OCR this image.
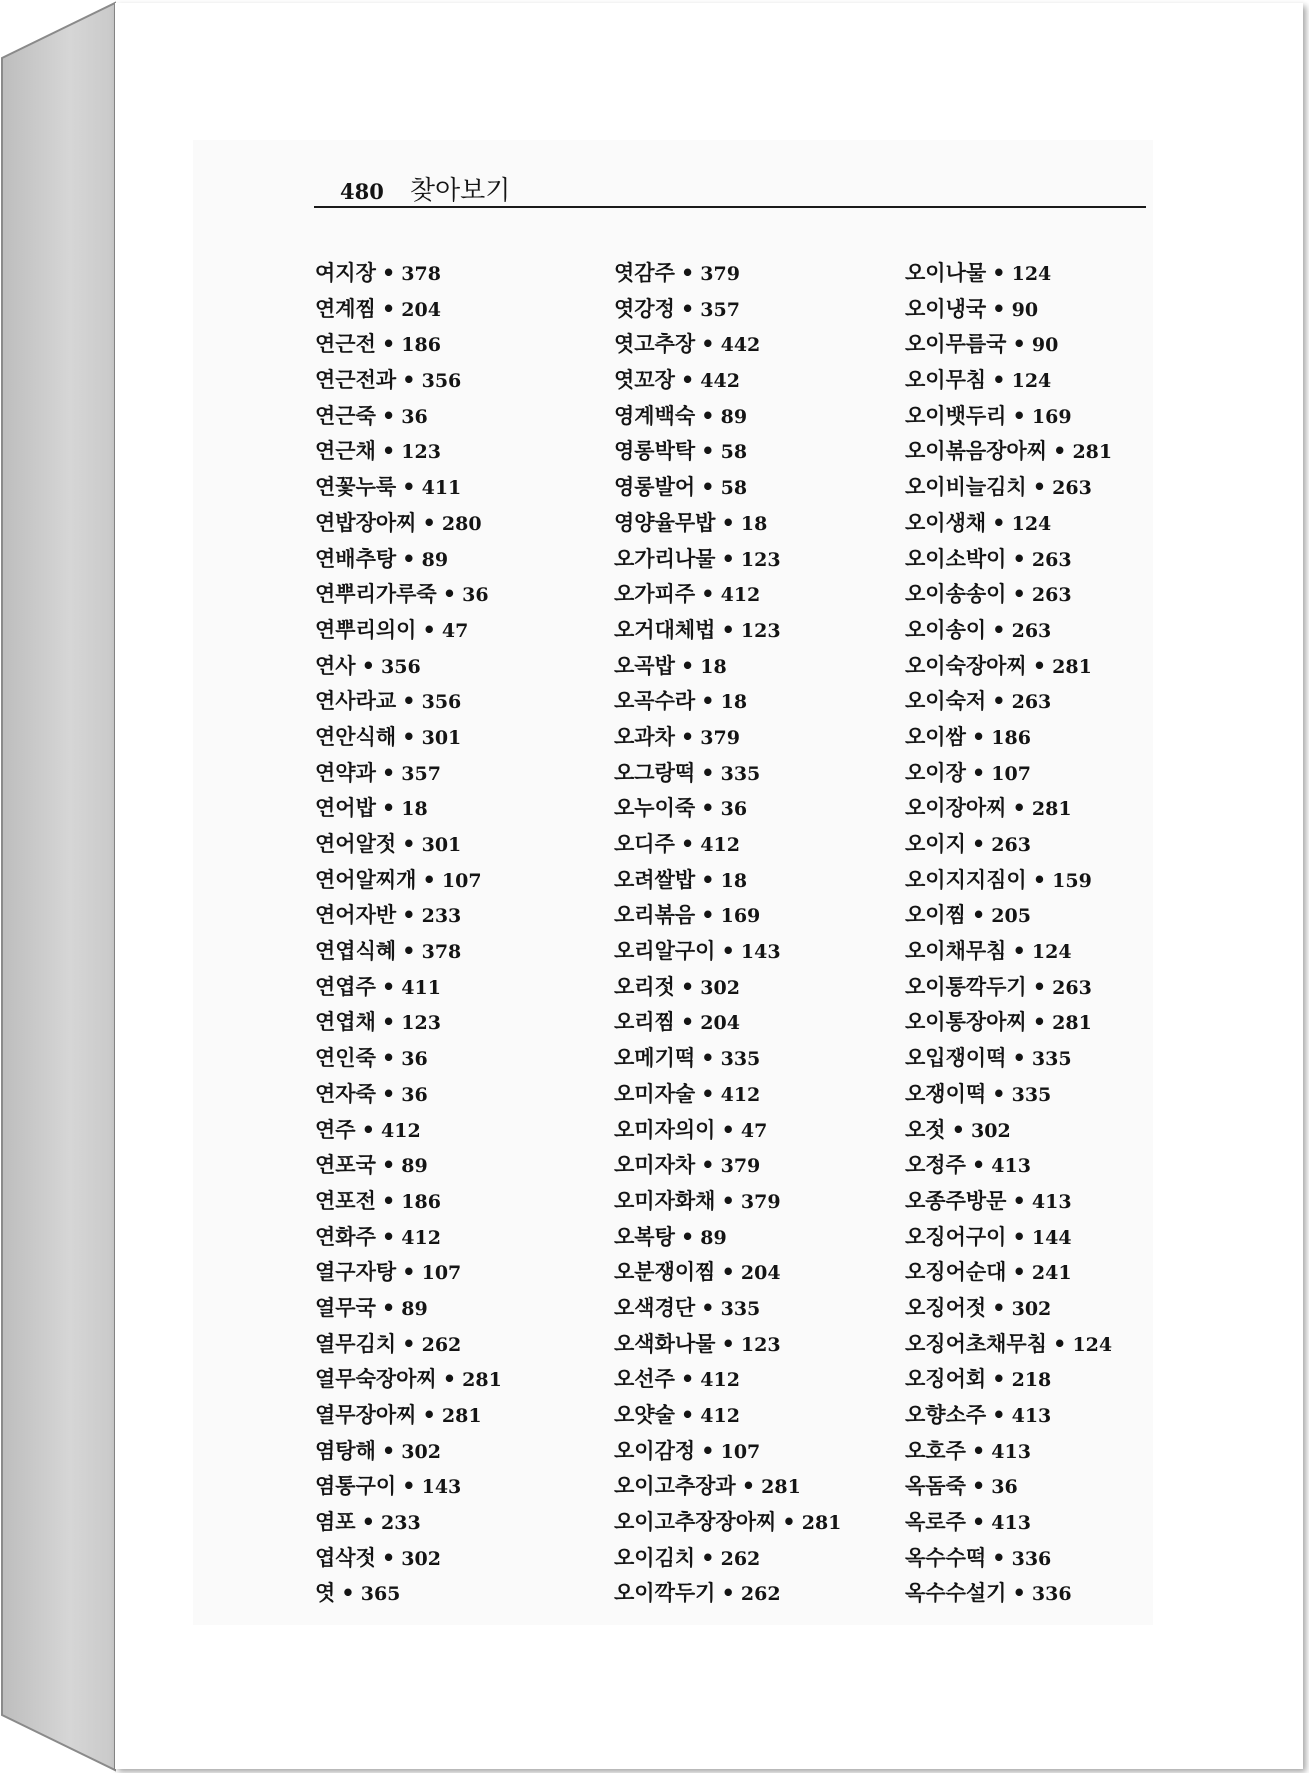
480 찾아보기
여지장 • 378
연계찜 • 204
연근전 • 186
연근전과 • 356
연근죽 • 36
연근채 • 123
연꽃누룩 • 411
연밥장아찌 • 280
연배추탕 • 89
연뿌리가루죽 • 36
연뿌리의이 • 47
연사 • 356
연사라교 • 356
연안식해 • 301
연약과 • 357
연어밥 • 18
연어알젓 • 301
연어알찌개 • 107
연어자반 • 233
연엽식혜 • 378
연엽주 • 411
연엽채 • 123
연인죽 • 36
연자죽 • 36
연주 • 412
연포국 • 89
연포전 • 186
연화주 • 412
열구자탕 • 107
열무국 • 89
열무김치 • 262
열무숙장아찌 • 281
열무장아찌 • 281
염탕해 • 302
염통구이 • 143
염포 • 233
엽삭젓 • 302
엿 • 365
엿감주 • 379
엿강정 • 357
엿고추장 • 442
엿꼬장 • 442
영계백숙 • 89
영롱박탁 • 58
영롱발어 • 58
영양율무밥 • 18
오가리나물 • 123
오가피주 • 412
오거대체법 • 123
오곡밥 • 18
오곡수라 • 18
오과차 • 379
오그랑떡 • 335
오누이죽 • 36
오디주 • 412
오려쌀밥 • 18
오리볶음 • 169
오리알구이 • 143
오리젓 • 302
오리찜 • 204
오메기떡 • 335
오미자술 • 412
오미자의이 • 47
오미자차 • 379
오미자화채 • 379
오복탕 • 89
오분쟁이찜 • 204
오색경단 • 335
오색화나물 • 123
오선주 • 412
오얏술 • 412
오이감정 • 107
오이고추장과 • 281
오이고추장장아찌 • 281
오이김치 • 262
오이깍두기 • 262
오이나물 • 124
오이냉국 • 90
오이무름국 • 90
오이무침 • 124
오이뱃두리 • 169
오이볶음장아찌 • 281
오이비늘김치 • 263
오이생채 • 124
오이소박이 • 263
오이송송이 • 263
오이송이 • 263
오이숙장아찌 • 281
오이숙저 • 263
오이쌈 • 186
오이장 • 107
오이장아찌 • 281
오이지 • 263
오이지지짐이 • 159
오이찜 • 205
오이채무침 • 124
오이통깍두기 • 263
오이통장아찌 • 281
오입쟁이떡 • 335
오쟁이떡 • 335
오젓 • 302
오정주 • 413
오종주방문 • 413
오징어구이 • 144
오징어순대 • 241
오징어젓 • 302
오징어초채무침 • 124
오징어회 • 218
오향소주 • 413
오호주 • 413
옥돔죽 • 36
옥로주 • 413
옥수수떡 • 336
옥수수설기 • 336
